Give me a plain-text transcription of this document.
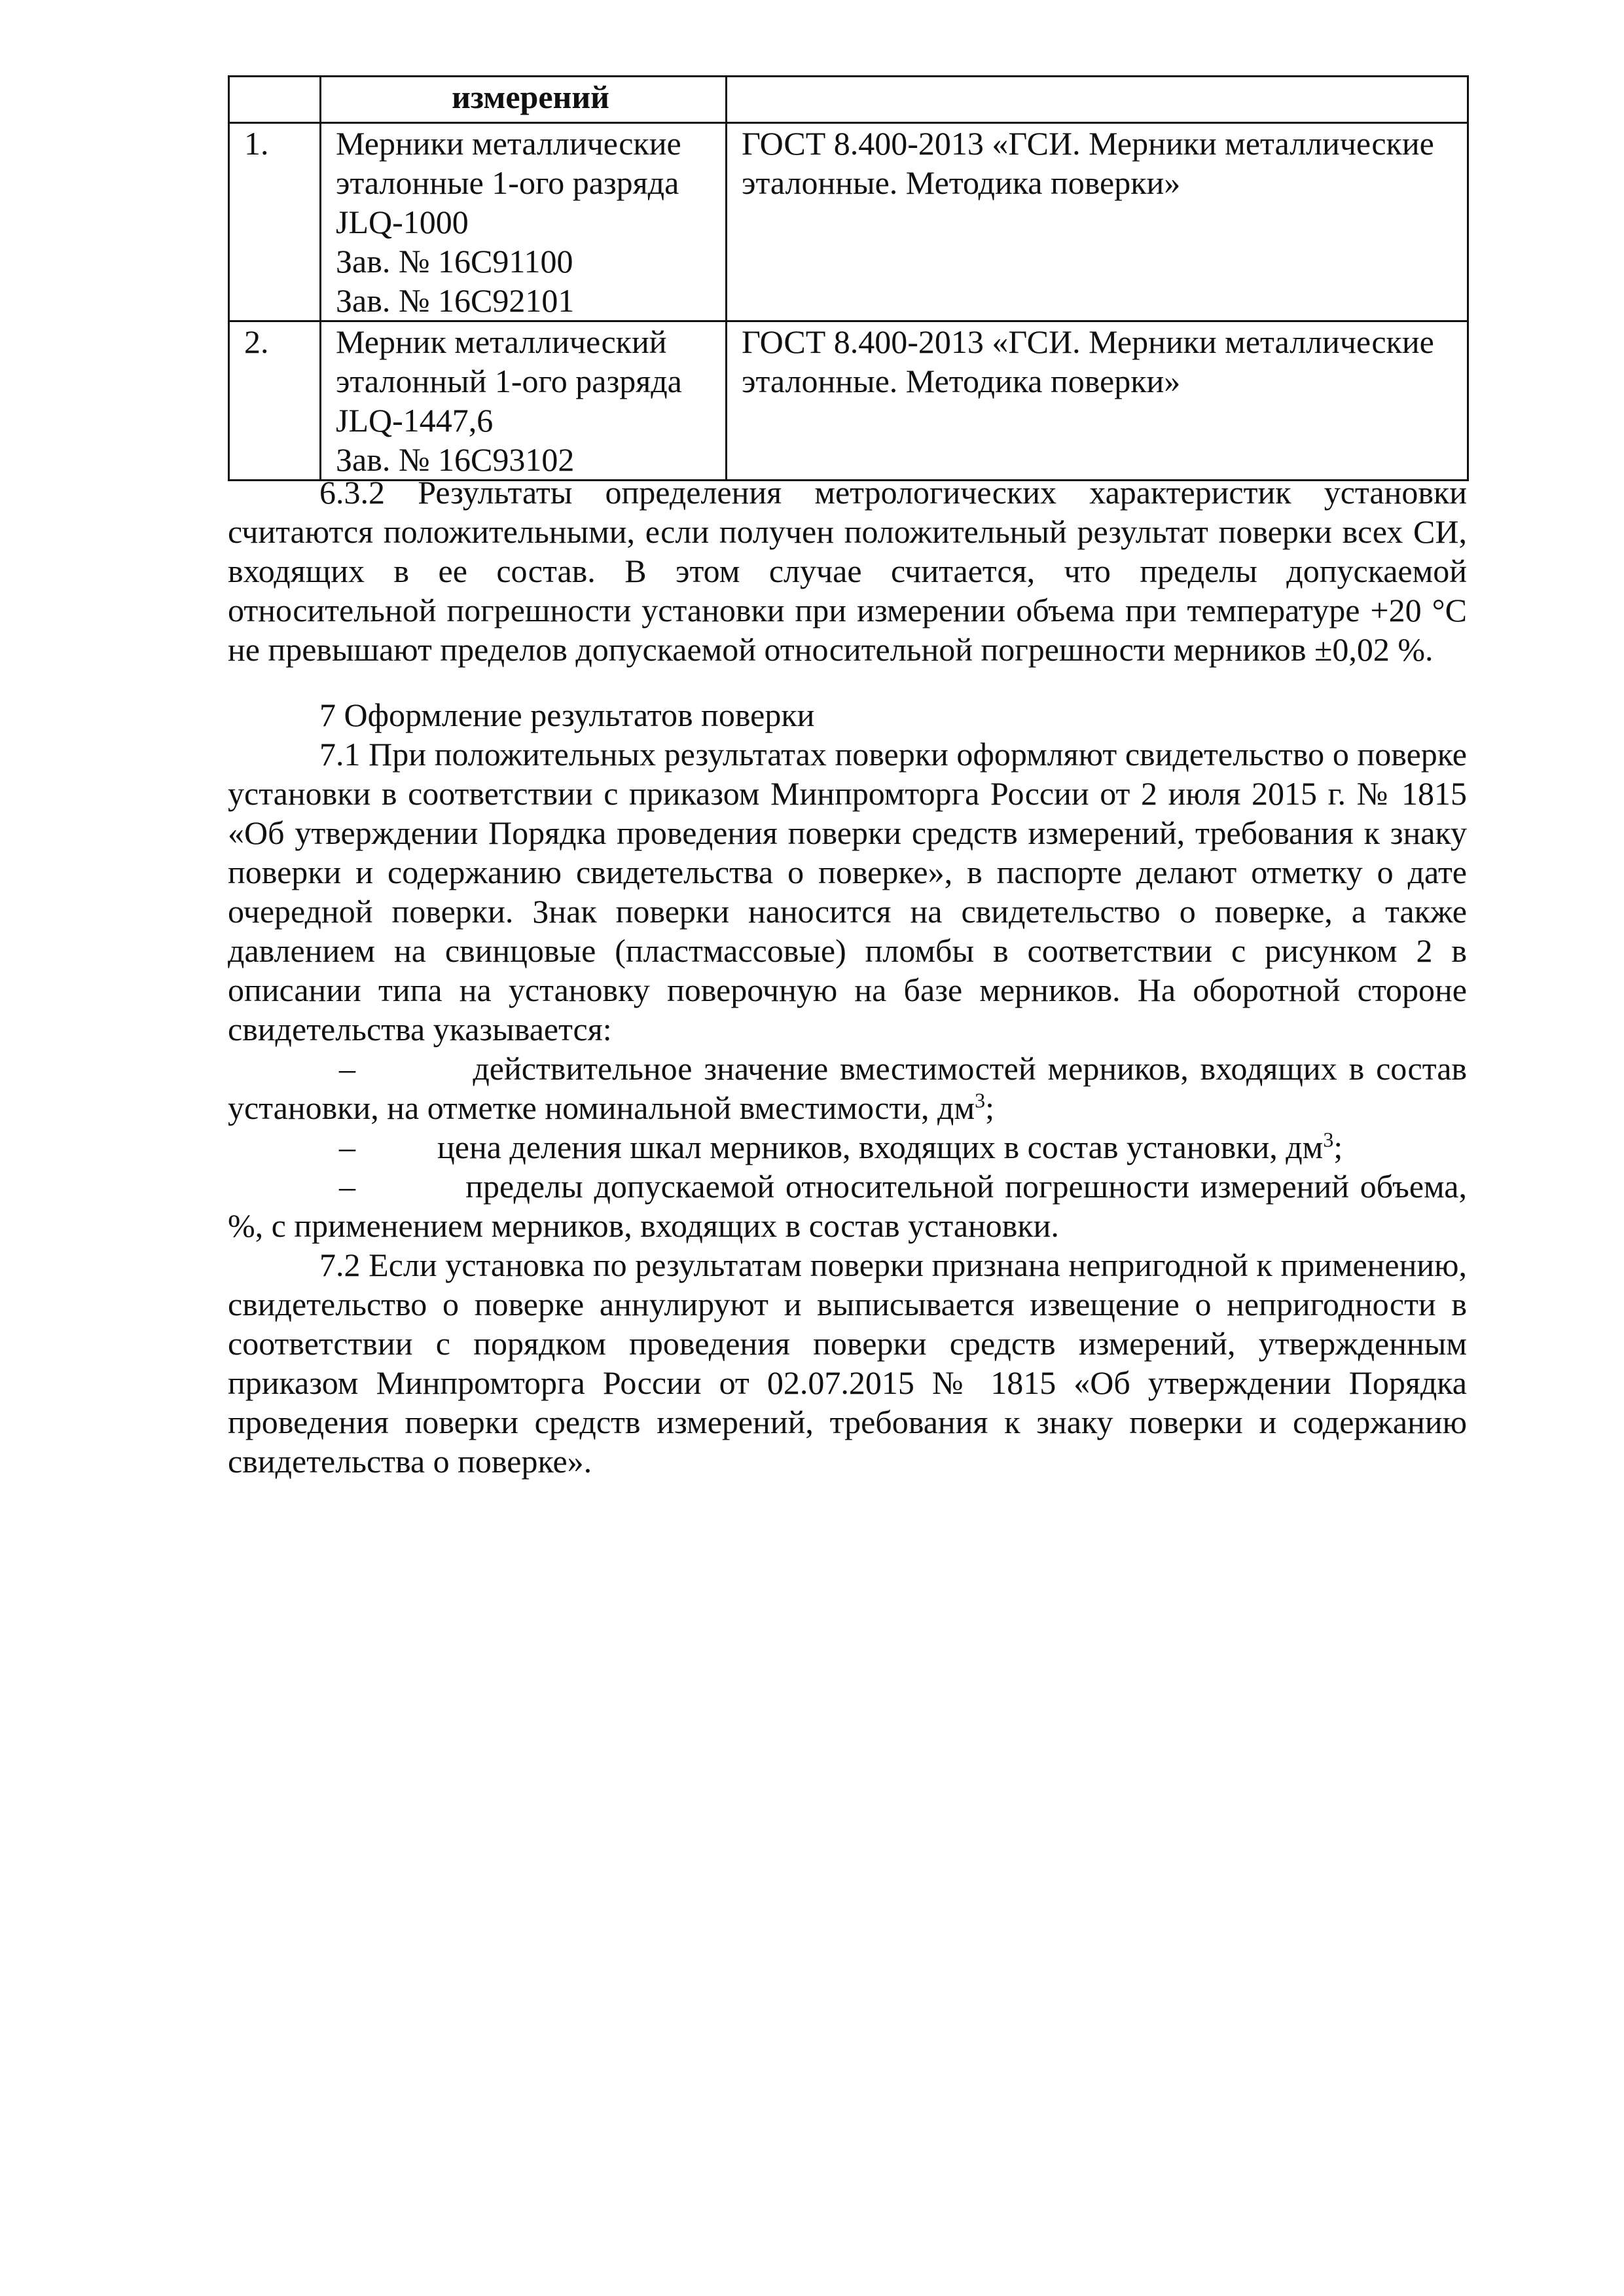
	измерений	
1.	Мерники металлические
эталонные 1-ого разряда
JLQ-1000
Зав. № 16С91100
Зав. № 16С92101	ГОСТ 8.400-2013 «ГСИ. Мерники металлические
эталонные. Методика поверки»

2.	Мерник металлический
эталонный 1-ого разряда
JLQ-1447,6
Зав. № 16С93102	ГОСТ 8.400-2013 «ГСИ. Мерники металлические
эталонные. Методика поверки»

6.3.2 Результаты определения метрологических характеристик установки считаются положительными, если получен положительный результат поверки всех СИ, входящих в ее состав. В этом случае считается, что пределы допускаемой относительной погрешности установки при измерении объема при температуре +20 °С не превышают пределов допускаемой относительной погрешности мерников ±0,02 %.

7 Оформление результатов поверки

7.1 При положительных результатах поверки оформляют свидетельство о поверке установки в соответствии с приказом Минпромторга России от 2 июля 2015 г. № 1815 «Об утверждении Порядка проведения поверки средств измерений, требования к знаку поверки и содержанию свидетельства о поверке», в паспорте делают отметку о дате очередной поверки. Знак поверки наносится на свидетельство о поверке, а также давлением на свинцовые (пластмассовые) пломбы в соответствии с рисунком 2 в описании типа на установку поверочную на базе мерников. На оборотной стороне свидетельства указывается:

–	действительное значение вместимостей мерников, входящих в состав установки, на отметке номинальной вместимости, $дм^3$;

–	цена деления шкал мерников, входящих в состав установки, $дм^3$;

–	пределы допускаемой относительной погрешности измерений объема, %, с применением мерников, входящих в состав установки.

7.2 Если установка по результатам поверки признана непригодной к применению, свидетельство о поверке аннулируют и выписывается извещение о непригодности в соответствии с порядком проведения поверки средств измерений, утвержденным приказом Минпромторга России от 02.07.2015 № 1815 «Об утверждении Порядка проведения поверки средств измерений, требования к знаку поверки и содержанию свидетельства о поверке».
